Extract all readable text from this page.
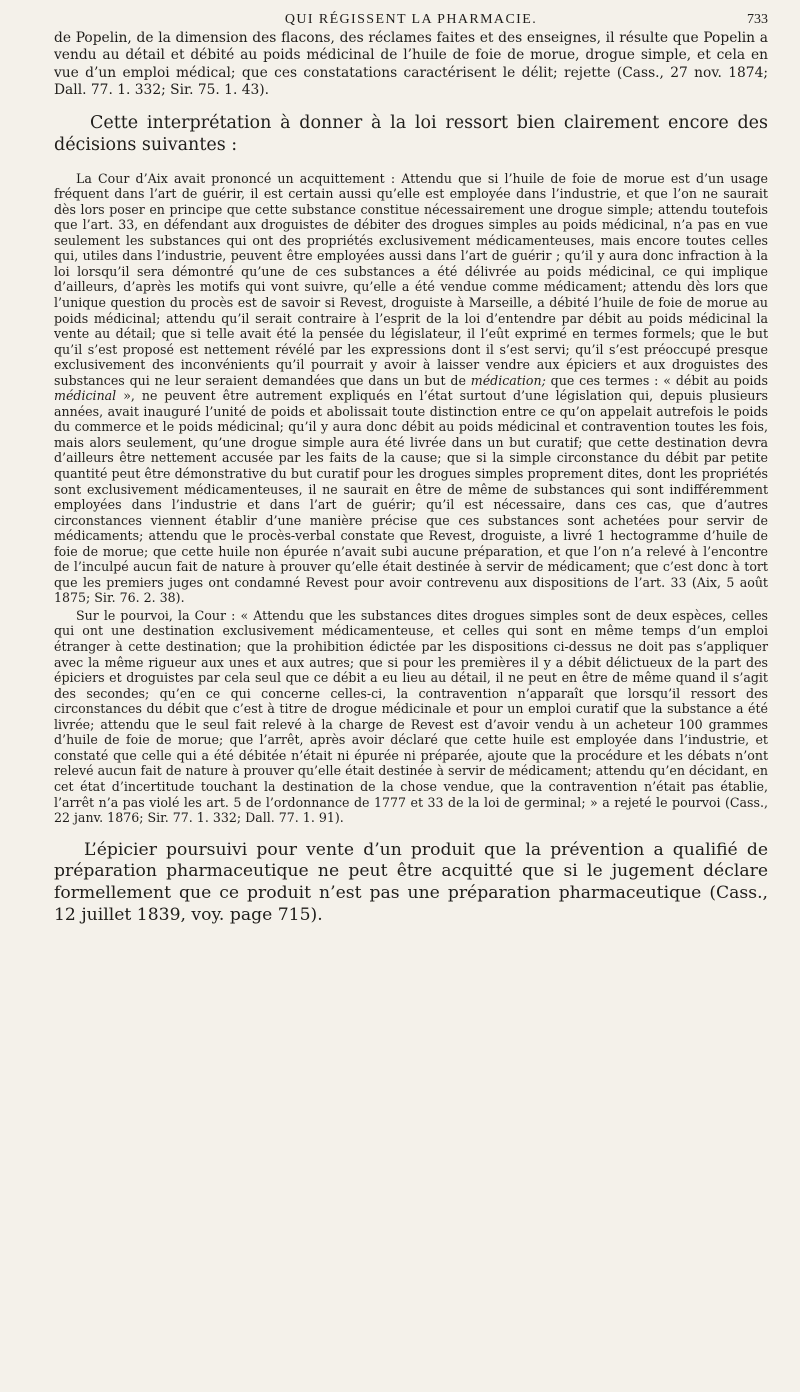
QUI RÉGISSENT LA PHARMACIE.	733

de Popelin, de la dimension des flacons, des réclames faites et des enseignes, il résulte que Popelin a vendu au détail et débité au poids médicinal de l’huile de foie de morue, drogue simple, et cela en vue d’un emploi médical; que ces constatations caractérisent le délit; rejette (Cass., 27 nov. 1874; Dall. 77. 1. 332; Sir. 75. 1. 43).

Cette interprétation à donner à la loi ressort bien clairement encore des décisions suivantes :

La Cour d’Aix avait prononcé un acquittement : Attendu que si l’huile de foie de morue est d’un usage fréquent dans l’art de guérir, il est certain aussi qu’elle est employée dans l’industrie, et que l’on ne saurait dès lors poser en principe que cette substance constitue nécessairement une drogue simple; attendu toutefois que l’art. 33, en défendant aux droguistes de débiter des drogues simples au poids médicinal, n’a pas en vue seulement les substances qui ont des propriétés exclusivement médicamenteuses, mais encore toutes celles qui, utiles dans l’industrie, peuvent être employées aussi dans l’art de guérir ; qu’il y aura donc infraction à la loi lorsqu’il sera démontré qu’une de ces substances a été délivrée au poids médicinal, ce qui implique d’ailleurs, d’après les motifs qui vont suivre, qu’elle a été vendue comme médicament; attendu dès lors que l’unique question du procès est de savoir si Revest, droguiste à Marseille, a débité l’huile de foie de morue au poids médicinal; attendu qu’il serait contraire à l’esprit de la loi d’entendre par débit au poids médicinal la vente au détail; que si telle avait été la pensée du législateur, il l’eût exprimé en termes formels; que le but qu’il s’est proposé est nettement révélé par les expressions dont il s’est servi; qu’il s’est préoccupé presque exclusivement des inconvénients qu’il pourrait y avoir à laisser vendre aux épiciers et aux droguistes des substances qui ne leur seraient demandées que dans un but de médication; que ces termes : « débit au poids médicinal », ne peuvent être autrement expliqués en l’état surtout d’une législation qui, depuis plusieurs années, avait inauguré l’unité de poids et abolissait toute distinction entre ce qu’on appelait autrefois le poids du commerce et le poids médicinal; qu’il y aura donc débit au poids médicinal et contravention toutes les fois, mais alors seulement, qu’une drogue simple aura été livrée dans un but curatif; que cette destination devra d’ailleurs être nettement accusée par les faits de la cause; que si la simple circonstance du débit par petite quantité peut être démonstrative du but curatif pour les drogues simples proprement dites, dont les propriétés sont exclusivement médicamenteuses, il ne saurait en être de même de substances qui sont indifféremment employées dans l’industrie et dans l’art de guérir; qu’il est nécessaire, dans ces cas, que d’autres circonstances viennent établir d’une manière précise que ces substances sont achetées pour servir de médicaments; attendu que le procès-verbal constate que Revest, droguiste, a livré 1 hectogramme d’huile de foie de morue; que cette huile non épurée n’avait subi aucune préparation, et que l’on n’a relevé à l’encontre de l’inculpé aucun fait de nature à prouver qu’elle était destinée à servir de médicament; que c’est donc à tort que les premiers juges ont condamné Revest pour avoir contrevenu aux dispositions de l’art. 33 (Aix, 5 août 1875; Sir. 76. 2. 38).

Sur le pourvoi, la Cour : « Attendu que les substances dites drogues simples sont de deux espèces, celles qui ont une destination exclusivement médicamenteuse, et celles qui sont en même temps d’un emploi étranger à cette destination; que la prohibition édictée par les dispositions ci-dessus ne doit pas s’appliquer avec la même rigueur aux unes et aux autres; que si pour les premières il y a débit délictueux de la part des épiciers et droguistes par cela seul que ce débit a eu lieu au détail, il ne peut en être de même quand il s’agit des secondes; qu’en ce qui concerne celles-ci, la contravention n’apparaît que lorsqu’il ressort des circonstances du débit que c’est à titre de drogue médicinale et pour un emploi curatif que la substance a été livrée; attendu que le seul fait relevé à la charge de Revest est d’avoir vendu à un acheteur 100 grammes d’huile de foie de morue; que l’arrêt, après avoir déclaré que cette huile est employée dans l’industrie, et constaté que celle qui a été débitée n’était ni épurée ni préparée, ajoute que la procédure et les débats n’ont relevé aucun fait de nature à prouver qu’elle était destinée à servir de médicament; attendu qu’en décidant, en cet état d’incertitude touchant la destination de la chose vendue, que la contravention n’était pas établie, l’arrêt n’a pas violé les art. 5 de l’ordonnance de 1777 et 33 de la loi de germinal; » a rejeté le pourvoi (Cass., 22 janv. 1876; Sir. 77. 1. 332; Dall. 77. 1. 91).

L’épicier poursuivi pour vente d’un produit que la prévention a qualifié de préparation pharmaceutique ne peut être acquitté que si le jugement déclare formellement que ce produit n’est pas une préparation pharmaceutique (Cass., 12 juillet 1839, voy. page 715).
